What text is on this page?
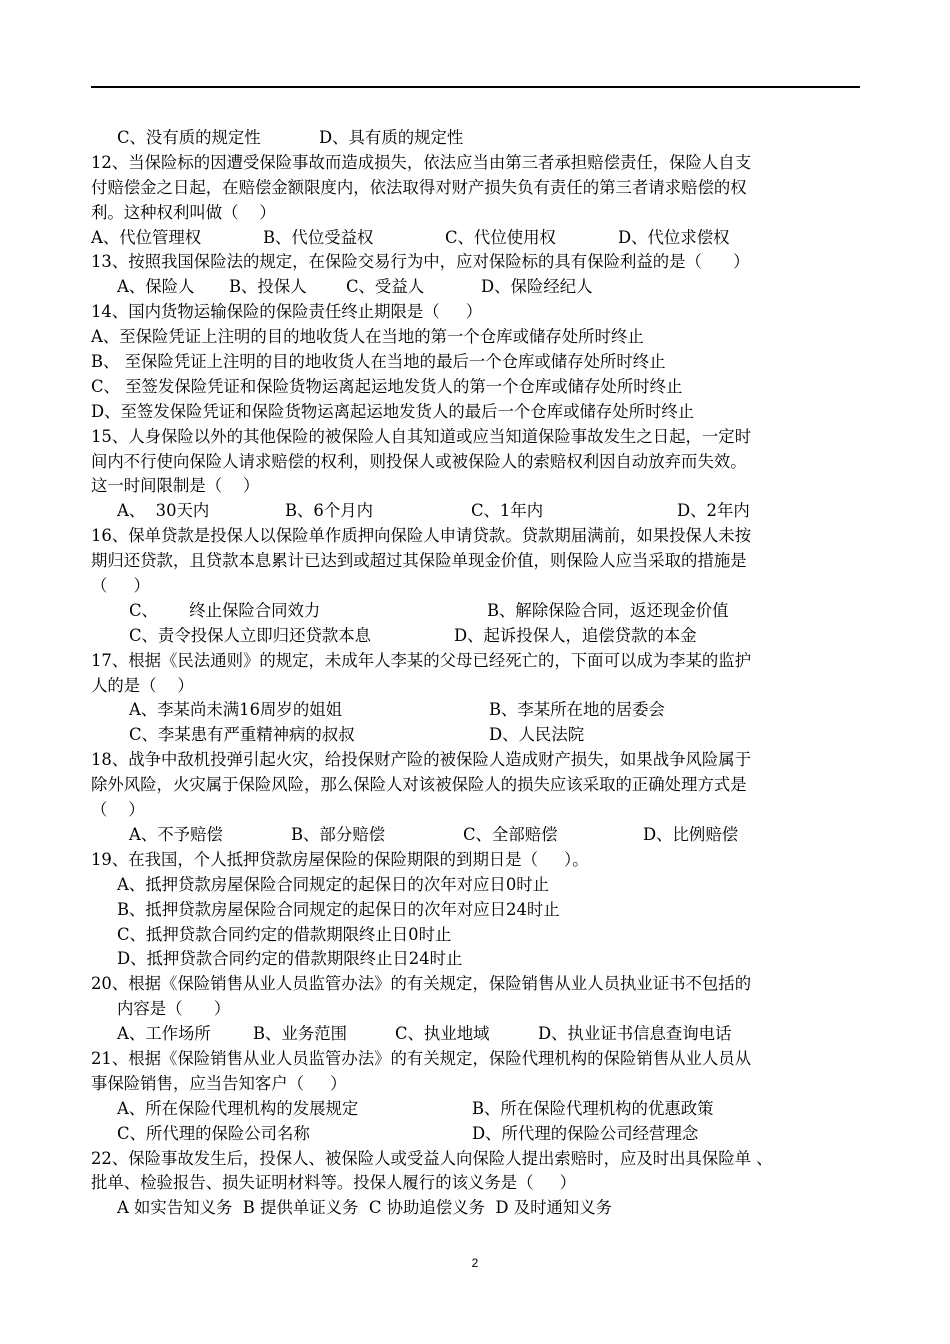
C、没有质的规定性	D、具有质的规定性
12、当保险标的因遭受保险事故而造成损失，依法应当由第三者承担赔偿责任，保险人自支
付赔偿金之日起，在赔偿金额限度内，依法取得对财产损失负有责任的第三者请求赔偿的权
利。这种权利叫做（    ）
A、代位管理权	B、代位受益权	C、代位使用权	D、代位求偿权
13、按照我国保险法的规定，在保险交易行为中，应对保险标的具有保险利益的是（      ）
A、保险人	B、投保人	C、受益人	D、保险经纪人
14、国内货物运输保险的保险责任终止期限是（     ）
A、至保险凭证上注明的目的地收货人在当地的第一个仓库或储存处所时终止
B、 至保险凭证上注明的目的地收货人在当地的最后一个仓库或储存处所时终止
C、 至签发保险凭证和保险货物运离起运地发货人的第一个仓库或储存处所时终止
D、至签发保险凭证和保险货物运离起运地发货人的最后一个仓库或储存处所时终止
15、人身保险以外的其他保险的被保险人自其知道或应当知道保险事故发生之日起，一定时
间内不行使向保险人请求赔偿的权利，则投保人或被保险人的索赔权利因自动放弃而失效。
这一时间限制是（    ）
A、  30天内	B、6个月内	C、1年内	D、2年内
16、保单贷款是投保人以保险单作质押向保险人申请贷款。贷款期届满前，如果投保人未按
期归还贷款，且贷款本息累计已达到或超过其保险单现金价值，则保险人应当采取的措施是
（     ）
C、      终止保险合同效力	B、解除保险合同，返还现金价值
C、责令投保人立即归还贷款本息	D、起诉投保人，追偿贷款的本金
17、根据《民法通则》的规定，未成年人李某的父母已经死亡的，下面可以成为李某的监护
人的是（    ）
A、李某尚未满16周岁的姐姐	B、李某所在地的居委会
C、李某患有严重精神病的叔叔	D、人民法院
18、战争中敌机投弹引起火灾，给投保财产险的被保险人造成财产损失，如果战争风险属于
除外风险，火灾属于保险风险，那么保险人对该被保险人的损失应该采取的正确处理方式是
（    ）
A、不予赔偿	B、部分赔偿	C、全部赔偿	D、比例赔偿
19、在我国，个人抵押贷款房屋保险的保险期限的到期日是（     ）。
A、抵押贷款房屋保险合同规定的起保日的次年对应日0时止
B、抵押贷款房屋保险合同规定的起保日的次年对应日24时止
C、抵押贷款合同约定的借款期限终止日0时止
D、抵押贷款合同约定的借款期限终止日24时止
20、根据《保险销售从业人员监管办法》的有关规定，保险销售从业人员执业证书不包括的
内容是（      ）
A、工作场所	B、业务范围	C、执业地域	D、执业证书信息查询电话
21、根据《保险销售从业人员监管办法》的有关规定，保险代理机构的保险销售从业人员从
事保险销售，应当告知客户（     ）
A、所在保险代理机构的发展规定	B、所在保险代理机构的优惠政策
C、所代理的保险公司名称	D、所代理的保险公司经营理念
22、保险事故发生后，投保人、被保险人或受益人向保险人提出索赔时，应及时出具保险单 、
批单、检验报告、损失证明材料等。投保人履行的该义务是（     ）
A 如实告知义务  B 提供单证义务  C 协助追偿义务  D 及时通知义务
2
